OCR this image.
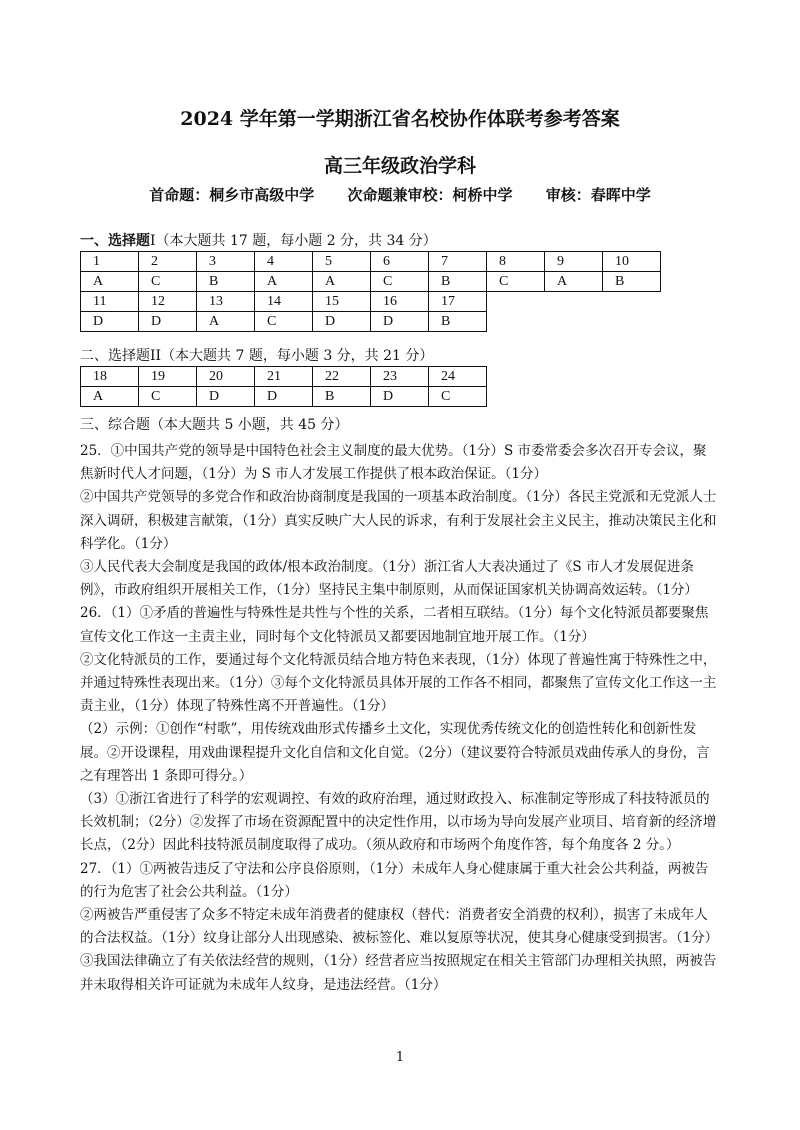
2024 学年第一学期浙江省名校协作体联考参考答案
高三年级政治学科
首命题：桐乡市高级中学 次命题兼审校：柯桥中学 审核：春晖中学
一、选择题I（本大题共 17 题，每小题 2 分，共 34 分）
1	2	3	4	5	6	7	8	9	10
A	C	B	A	A	C	B	C	A	B
11	12	13	14	15	16	17			
D	D	A	C	D	D	B			
二、选择题II（本大题共 7 题，每小题 3 分，共 21 分）
18	19	20	21	22	23	24
A	C	D	D	B	D	C
三、综合题（本大题共 5 小题，共 45 分）

25．①中国共产党的领导是中国特色社会主义制度的最大优势。（1分）S 市委常委会多次召开专会议，聚焦新时代人才问题，（1分）为 S 市人才发展工作提供了根本政治保证。（1分）

②中国共产党领导的多党合作和政治协商制度是我国的一项基本政治制度。（1分）各民主党派和无党派人士深入调研，积极建言献策，（1分）真实反映广大人民的诉求，有利于发展社会主义民主，推动决策民主化和科学化。（1分）

③人民代表大会制度是我国的政体/根本政治制度。（1分）浙江省人大表决通过了《S 市人才发展促进条例》，市政府组织开展相关工作，（1分）坚持民主集中制原则，从而保证国家机关协调高效运转。（1分）

26．（1）①矛盾的普遍性与特殊性是共性与个性的关系，二者相互联结。（1分）每个文化特派员都要聚焦宣传文化工作这一主责主业，同时每个文化特派员又都要因地制宜地开展工作。（1分）

②文化特派员的工作，要通过每个文化特派员结合地方特色来表现，（1分）体现了普遍性寓于特殊性之中，并通过特殊性表现出来。（1分）③每个文化特派员具体开展的工作各不相同，都聚焦了宣传文化工作这一主责主业，（1分）体现了特殊性离不开普遍性。（1分）

（2）示例：①创作“村歌”，用传统戏曲形式传播乡土文化，实现优秀传统文化的创造性转化和创新性发展。②开设课程，用戏曲课程提升文化自信和文化自觉。（2分）（建议要符合特派员戏曲传承人的身份，言之有理答出 1 条即可得分。）

（3）①浙江省进行了科学的宏观调控、有效的政府治理，通过财政投入、标准制定等形成了科技特派员的长效机制；（2分）②发挥了市场在资源配置中的决定性作用，以市场为导向发展产业项目、培育新的经济增长点，（2分）因此科技特派员制度取得了成功。（须从政府和市场两个角度作答，每个角度各 2 分。）

27．（1）①两被告违反了守法和公序良俗原则，（1分）未成年人身心健康属于重大社会公共利益，两被告的行为危害了社会公共利益。（1分）

②两被告严重侵害了众多不特定未成年消费者的健康权（替代：消费者安全消费的权利），损害了未成年人的合法权益。（1分）纹身让部分人出现感染、被标签化、难以复原等状况，使其身心健康受到损害。（1分）

③我国法律确立了有关依法经营的规则，（1分）经营者应当按照规定在相关主管部门办理相关执照，两被告并未取得相关许可证就为未成年人纹身，是违法经营。（1分）

1
